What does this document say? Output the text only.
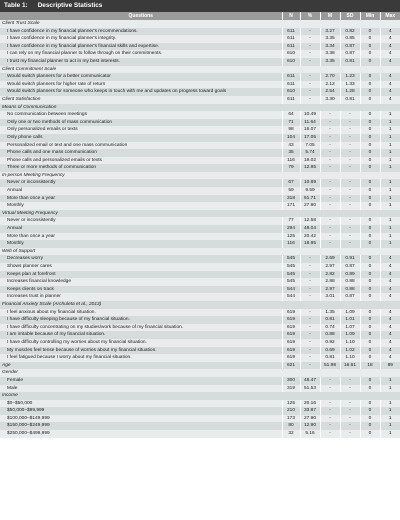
Table 1: Descriptive Statistics
Questions	N	%	M	SD	Min	Max
Client Trust Scale						
I have confidence in my financial planner's recommendations.	611	-	3.27	0.82	0	4
I have confidence in my financial planner's integrity.	611	-	3.35	0.85	0	4
I have confidence in my financial planner's financial skills and expertise.	611	-	3.34	0.87	0	4
I can rely on my financial planner to follow through on their commitments.	610	-	3.38	0.87	0	4
I trust my financial planner to act in my best interests.	610	-	3.35	0.81	0	4
Client Commitment Scale						
Would switch planners for a better communicator	611	-	2.70	1.23	0	4
Would switch planners for higher rate of return	611	-	2.12	1.33	0	4
Would switch planners for someone who keeps in touch with me and updates on progress toward goals	610	-	2.54	1.28	0	4
Client Satisfaction	611	-	3.30	0.81	0	4
Means of Communication						
No communication between meetings	64	10.49	-	-	0	1
Only one or two methods of mass communication	71	11.64	-	-	0	1
Only personalized emails or texts	98	16.07	-	-	0	1
Only phone calls	104	17.05	-	-	0	1
Personalized email or text and one mass communication	43	7.05	-	-	0	1
Phone calls and one mass communication	35	5.74	-	-	0	1
Phone calls and personalized emails or texts	116	19.02	-	-	0	1
Three or more methods of communication	79	12.95	-	-	0	1
In-person Meeting Frequency						
Never or inconsistently	67	10.89	-	-	0	1
Annual	59	9.59	-	-	0	1
More than once a year	318	51.71	-	-	0	1
Monthly	171	27.80	-	-	0	1
Virtual Meeting Frequency						
Never or inconsistently	77	12.58	-	-	0	1
Annual	294	48.04	-	-	0	1
More than once a year	125	20.42	-	-	0	1
Monthly	116	18.95	-	-	0	1
Web of Support						
Decreases worry	545	-	2.69	0.91	0	4
Shows planner cares	545	-	2.97	0.87	0	4
Keeps plan at forefront	545	-	2.82	0.89	0	4
Increases financial knowledge	545	-	2.88	0.88	0	4
Keeps clients on track	544	-	2.97	0.88	0	4
Increases trust in planner	544	-	3.01	0.87	0	4
Financial Anxiety Scale (Archuleta et al., 2013)						
I feel anxious about my financial situation.	619	-	1.35	1.09	0	4
I have difficulty sleeping because of my financial situation.	619	-	0.81	1.01	0	4
I have difficulty concentrating on my studies/work because of my financial situation.	619	-	0.74	1.07	0	4
I am irritable because of my financial situation.	619	-	0.88	1.09	0	4
I have difficulty controlling my worries about my financial situation.	619	-	0.92	1.10	0	4
My muscles feel tense because of worries about my financial situation.	619	-	0.69	1.02	0	4
I feel fatigued because I worry about my financial situation.	619	-	0.81	1.10	0	4
Age	621	-	51.98	16.61	18	89
Gender						
Female	300	48.47	-	-	0	1
Male	319	51.53	-	-	0	1
Income						
$0–$50,000	125	20.16	-	-	0	1
$50,000–$99,999	210	33.87	-	-	0	1
$100,000–$149,999	173	27.90	-	-	0	1
$150,000–$249,999	80	12.90	-	-	0	1
$250,000–$499,999	32	5.16	-	-	0	1
